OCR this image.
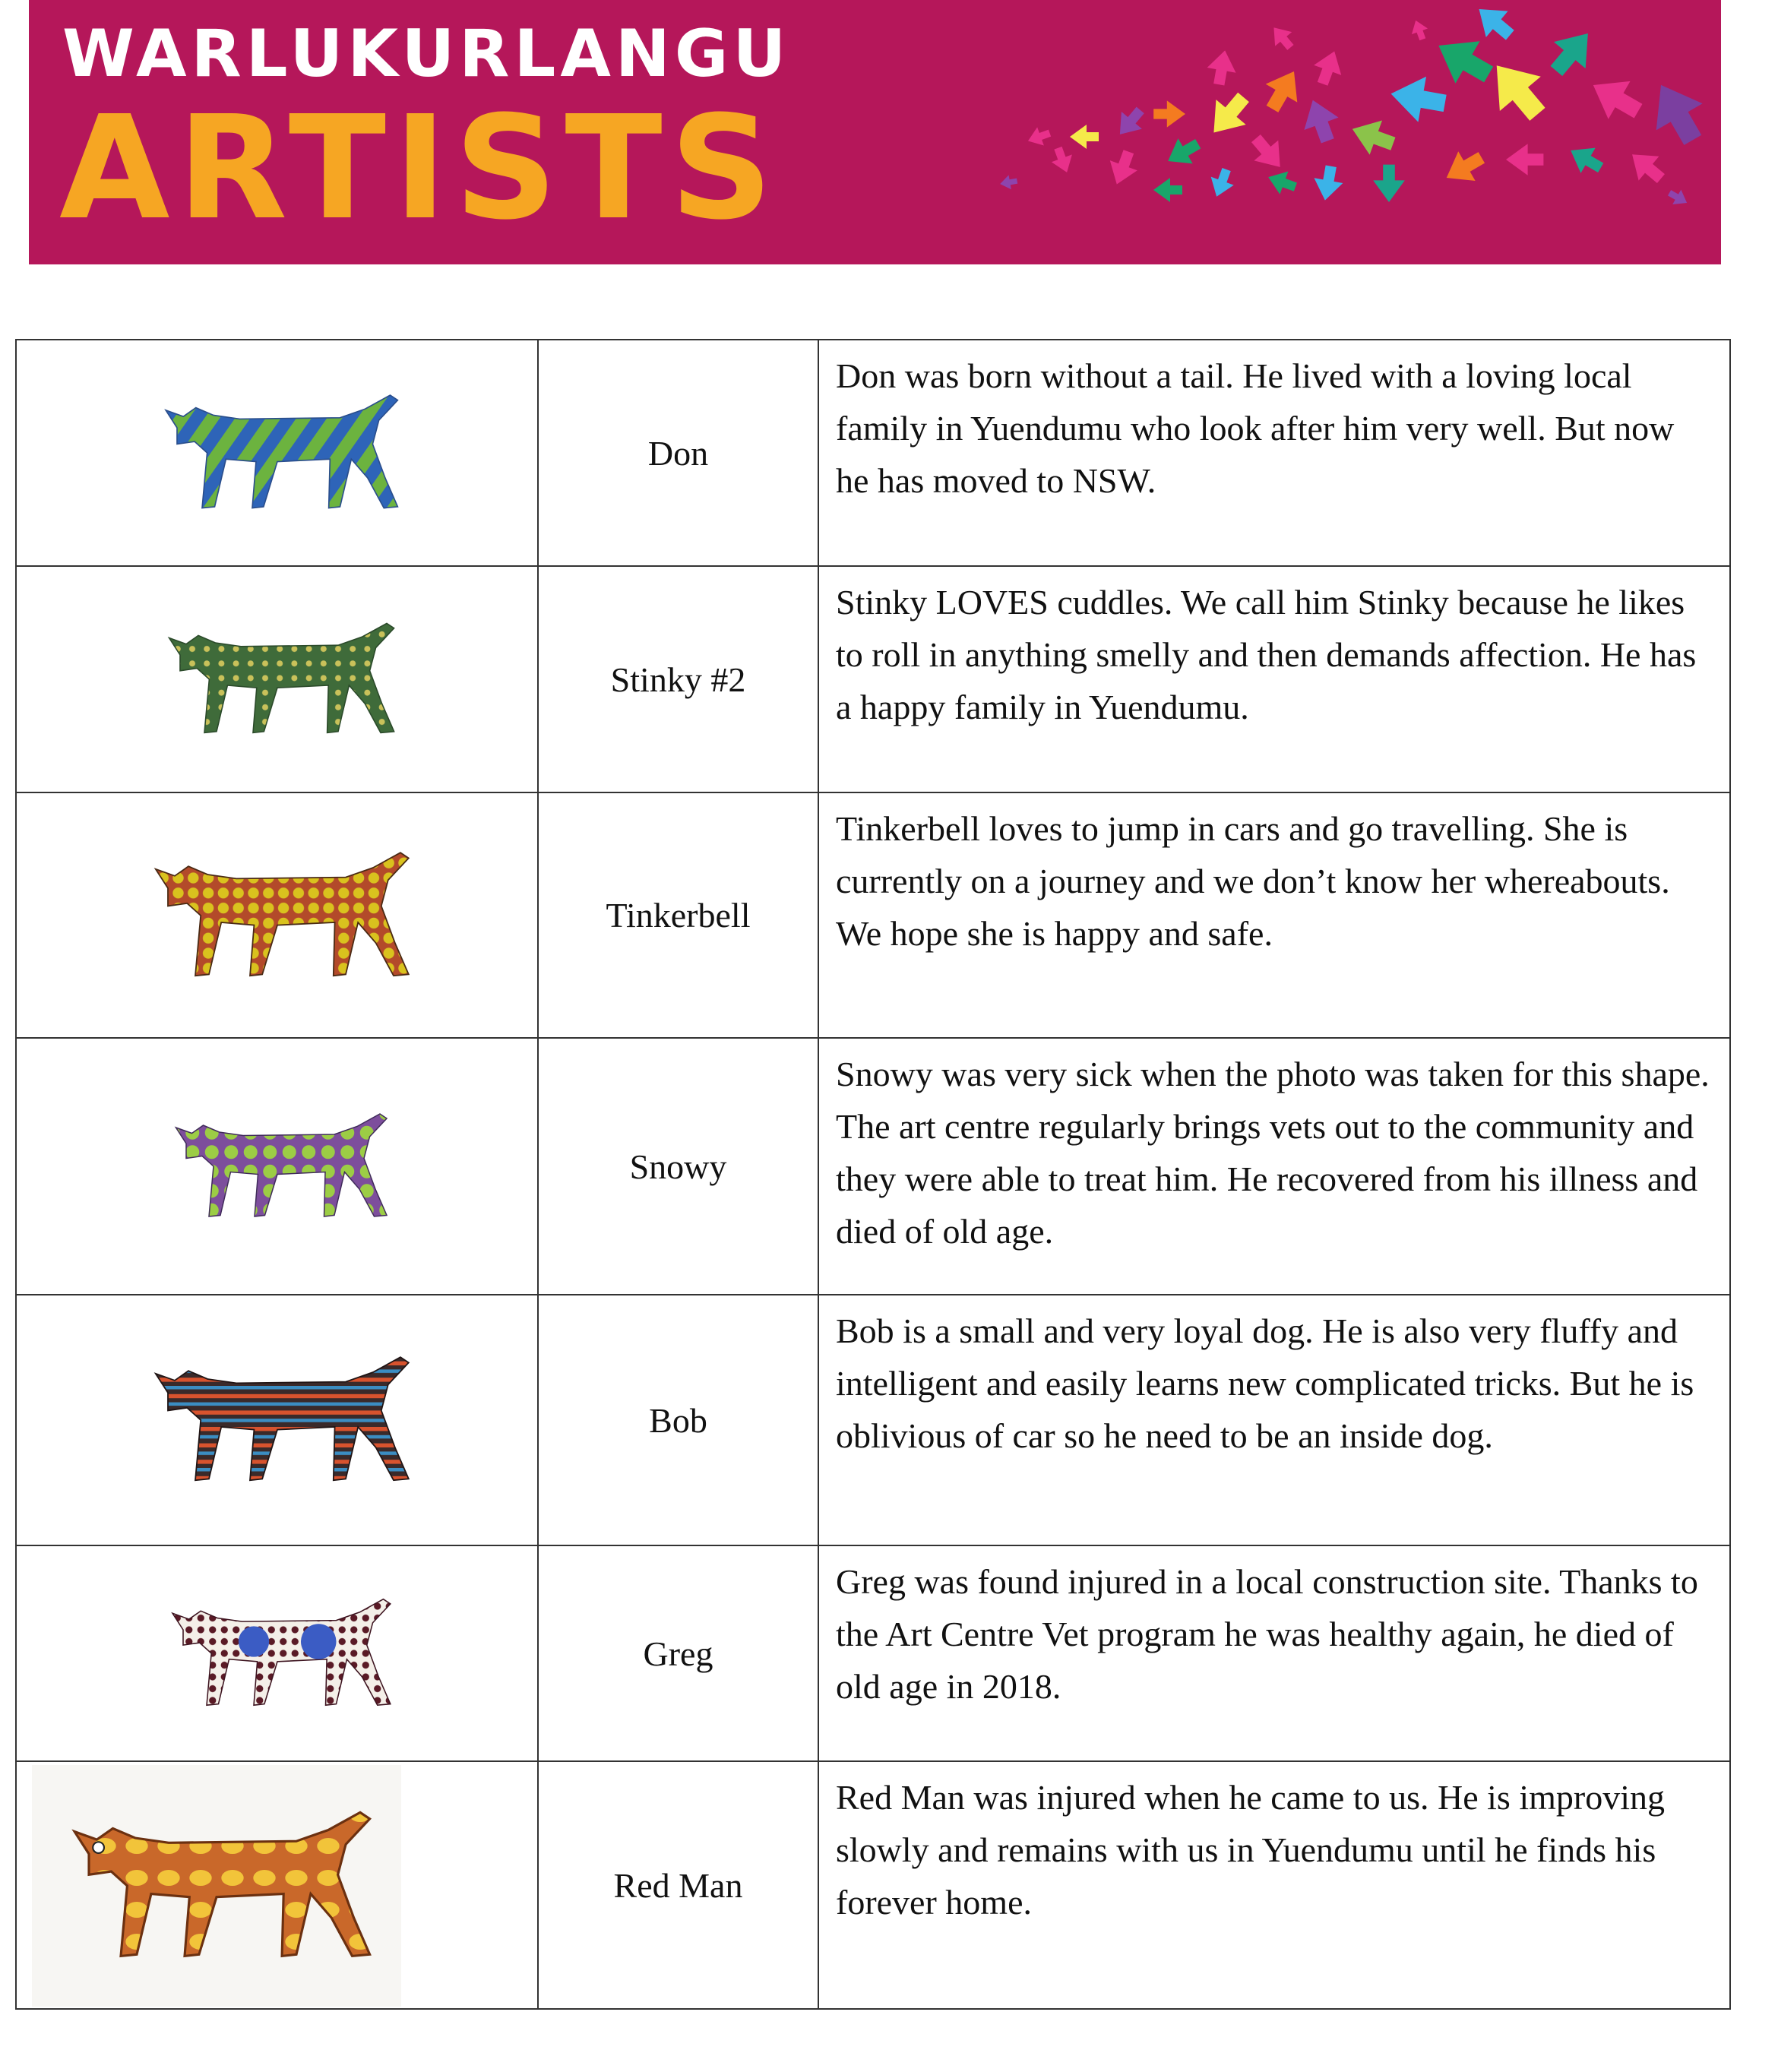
WARLUKURLANGU
ARTISTS
	Don	Don was born without a tail. He lived with a loving local family in Yuendumu who look after him very well. But now he has moved to NSW.

	Stinky #2	Stinky LOVES cuddles. We call him Stinky because he likes to roll in anything smelly and then demands affection. He has a happy family in Yuendumu.

	Tinkerbell	Tinkerbell loves to jump in cars and go travelling. She is currently on a journey and we don’t know her whereabouts. We hope she is happy and safe.

	Snowy	Snowy was very sick when the photo was taken for this shape. The art centre regularly brings vets out to the community and they were able to treat him. He recovered from his illness and died of old age.

	Bob	Bob is a small and very loyal dog. He is also very fluffy and intelligent and easily learns new complicated tricks. But he is oblivious of car so he need to be an inside dog.

	Greg	Greg was found injured in a local construction site. Thanks to the Art Centre Vet program he was healthy again, he died of old age in 2018.

	Red Man	Red Man was injured when he came to us. He is improving slowly and remains with us in Yuendumu until he finds his forever home.
